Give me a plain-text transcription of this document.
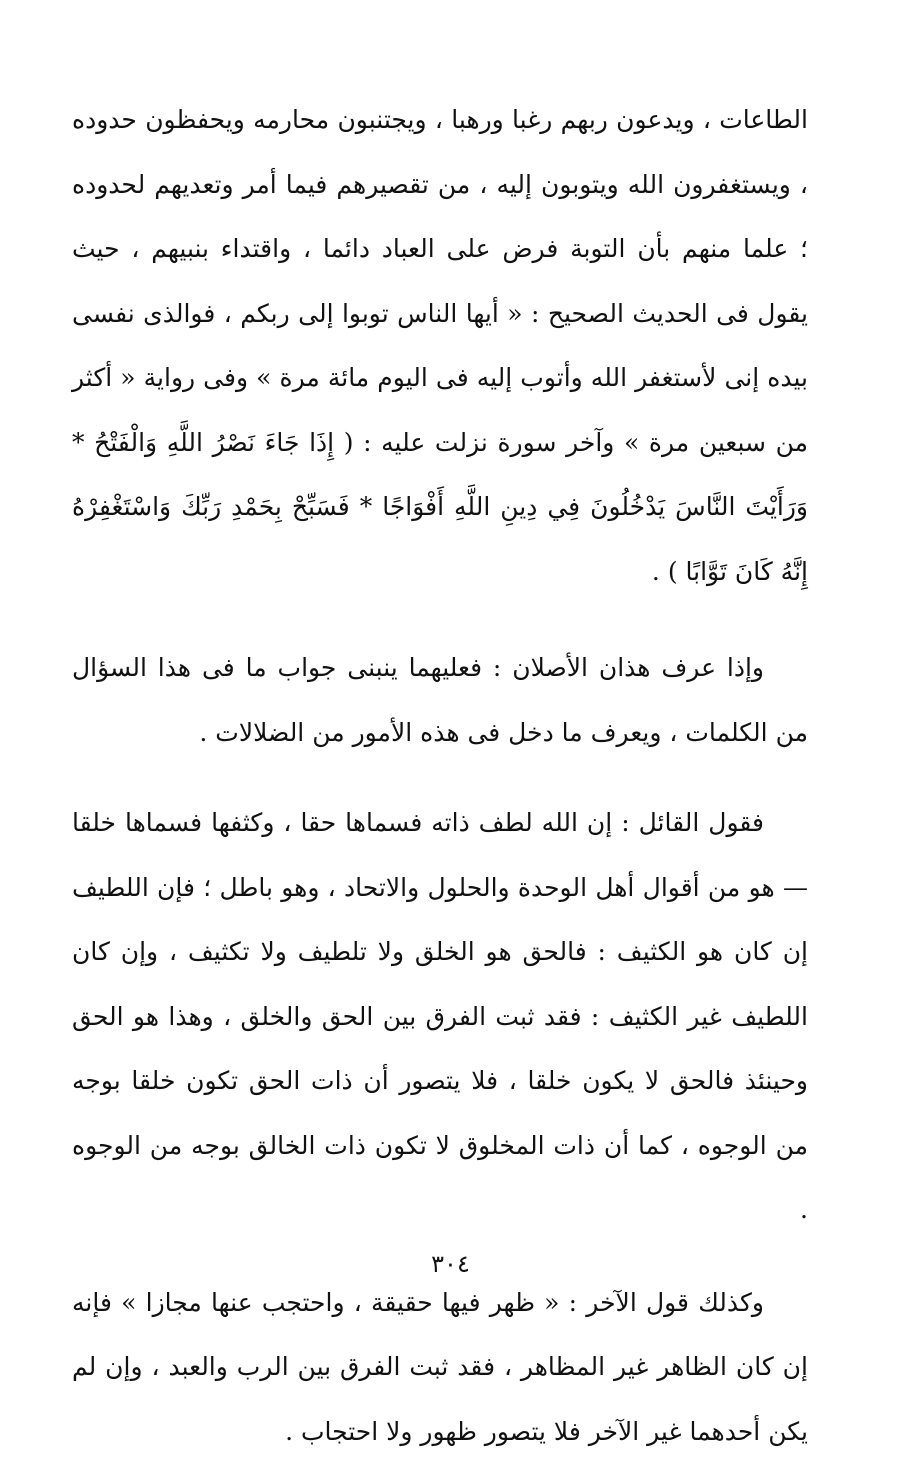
الطاعات ، ويدعون ربهم رغبا ورهبا ، ويجتنبون محارمه ويحفظون حدوده ، ويستغفرون الله ويتوبون إليه ، من تقصيرهم فيما أمر وتعديهم لحدوده ؛ علما منهم بأن التوبة فرض على العباد دائما ، واقتداء بنبيهم ، حيث يقول فى الحديث الصحيح : « أيها الناس توبوا إلى ربكم ، فوالذى نفسى بيده إنى لأستغفر الله وأتوب إليه فى اليوم مائة مرة » وفى رواية « أكثر من سبعين مرة » وآخر سورة نزلت عليه : ( إِذَا جَاءَ نَصْرُ اللَّهِ وَالْفَتْحُ * وَرَأَيْتَ النَّاسَ يَدْخُلُونَ فِي دِينِ اللَّهِ أَفْوَاجًا * فَسَبِّحْ بِحَمْدِ رَبِّكَ وَاسْتَغْفِرْهُ إِنَّهُ كَانَ تَوَّابًا ) .

وإذا عرف هذان الأصلان : فعليهما ينبنى جواب ما فى هذا السؤال من الكلمات ، ويعرف ما دخل فى هذه الأمور من الضلالات .

فقول القائل : إن الله لطف ذاته فسماها حقا ، وكثفها فسماها خلقا — هو من أقوال أهل الوحدة والحلول والاتحاد ، وهو باطل ؛ فإن اللطيف إن كان هو الكثيف : فالحق هو الخلق ولا تلطيف ولا تكثيف ، وإن كان اللطيف غير الكثيف : فقد ثبت الفرق بين الحق والخلق ، وهذا هو الحق وحينئذ فالحق لا يكون خلقا ، فلا يتصور أن ذات الحق تكون خلقا بوجه من الوجوه ، كما أن ذات المخلوق لا تكون ذات الخالق بوجه من الوجوه .

وكذلك قول الآخر : « ظهر فيها حقيقة ، واحتجب عنها مجازا » فإنه إن كان الظاهر غير المظاهر ، فقد ثبت الفرق بين الرب والعبد ، وإن لم يكن أحدهما غير الآخر فلا يتصور ظهور ولا احتجاب .

٣٠٤
